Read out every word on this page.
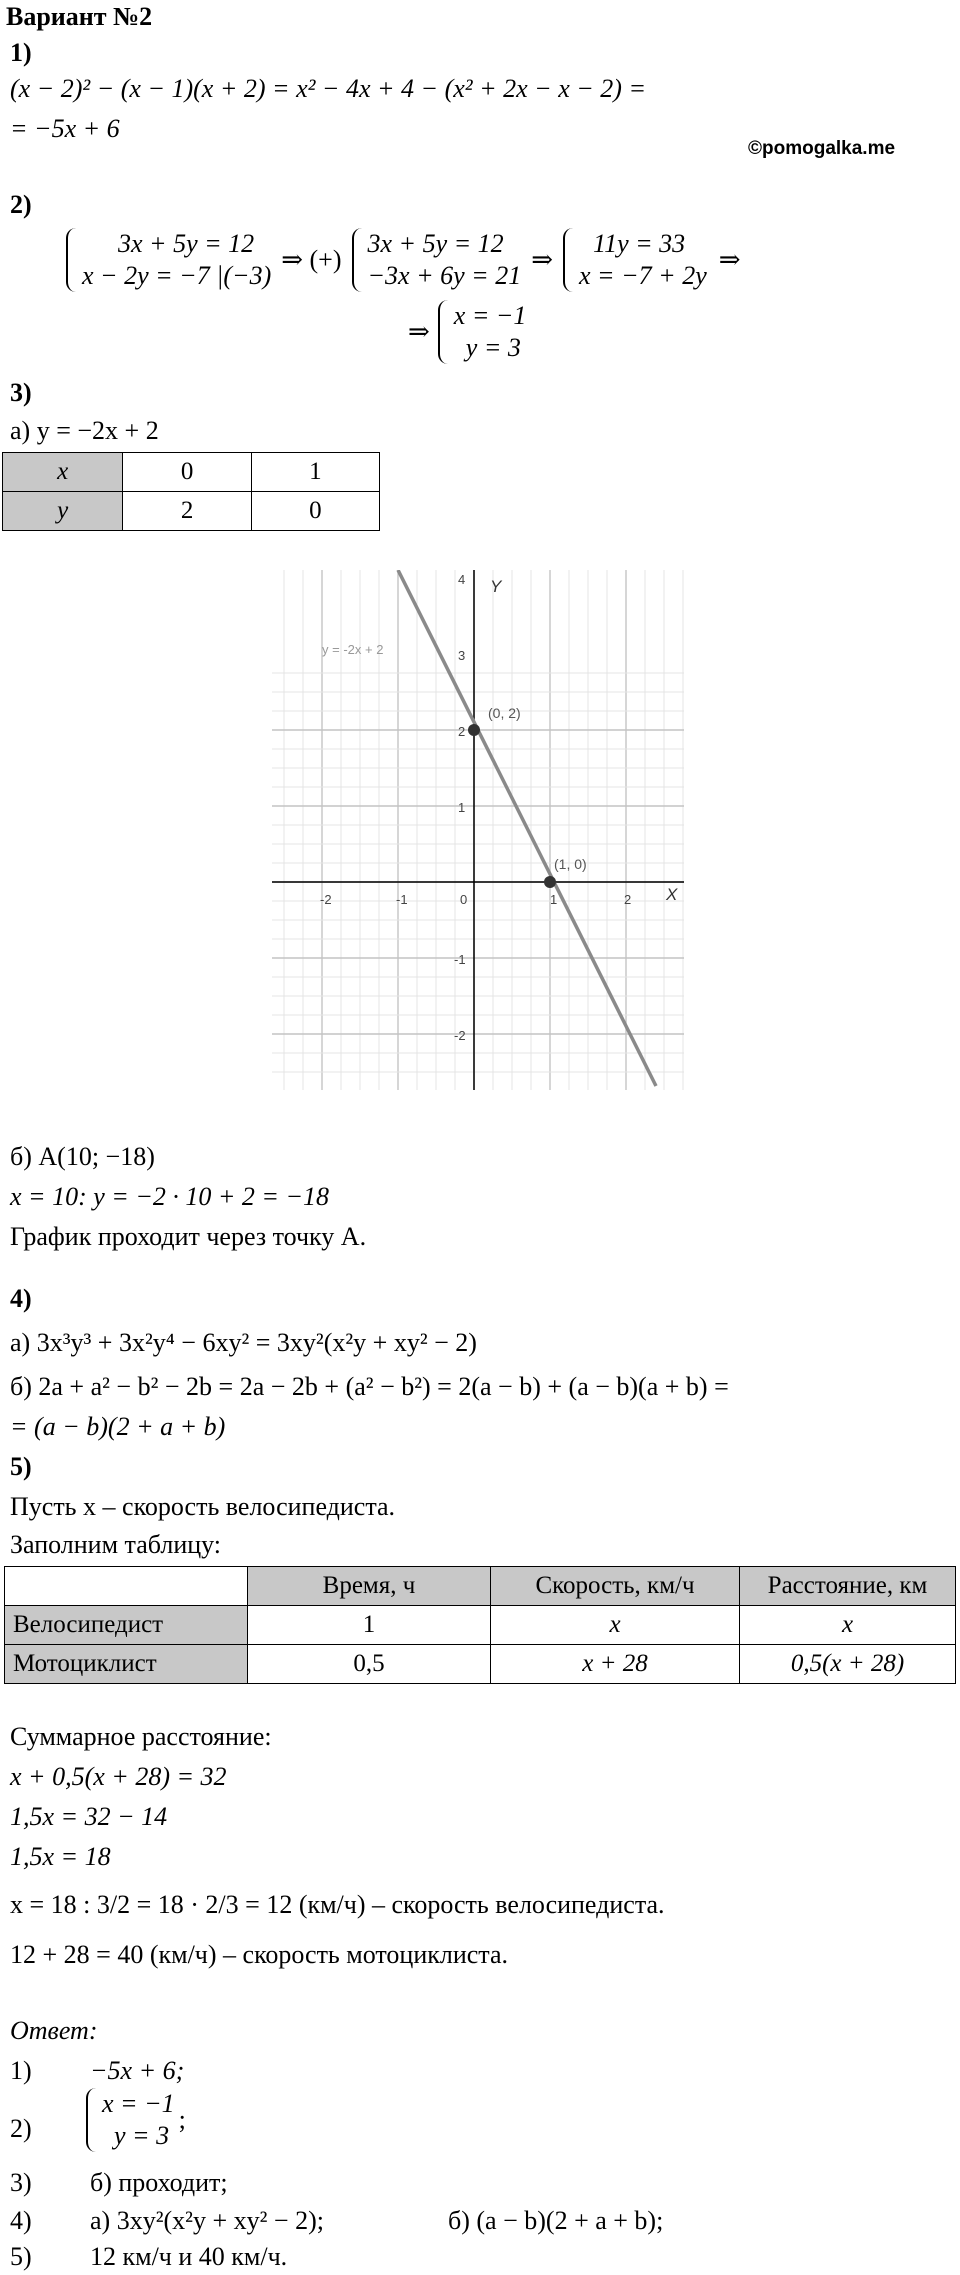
Вариант №2
©pomogalka.me
1)
(x − 2)² − (x − 1)(x + 2) = x² − 4x + 4 − (x² + 2x − x − 2) =
= −5x + 6
2)
3x + 5y = 12
x − 2y = −7 |(−3)
⇒ (+)
3x + 5y = 12
−3x + 6y = 21
⇒
11y = 33
x = −7 + 2y
⇒
⇒
x = −1
y = 3
3)
а) y = −2x + 2
x	0	1
y	2	0
y = -2x + 2
Y
X
(0, 2)
(1, 0)
-2	-1	0	1	2
4
3
2
1
-1
-2
б) A(10; −18)
x = 10: y = −2 · 10 + 2 = −18
График проходит через точку A.
4)
а) 3x³y³ + 3x²y⁴ − 6xy² = 3xy²(x²y + xy² − 2)
б) 2a + a² − b² − 2b = 2a − 2b + (a² − b²) = 2(a − b) + (a − b)(a + b) =
= (a − b)(2 + a + b)
5)
Пусть x – скорость велосипедиста.
Заполним таблицу:
	Время, ч	Скорость, км/ч	Расстояние, км
Велосипедист	1	x	x
Мотоциклист	0,5	x + 28	0,5(x + 28)
Суммарное расстояние:
x + 0,5(x + 28) = 32
1,5x = 32 − 14
1,5x = 18
x = 18 : 3/2 = 18 · 2/3 = 12 (км/ч) – скорость велосипедиста.
12 + 28 = 40 (км/ч) – скорость мотоциклиста.
Ответ:
1) −5x + 6;
2)
x = −1
y = 3
;
3) б) проходит;
4) а) 3xy²(x²y + xy² − 2);	б) (a − b)(2 + a + b);
5) 12 км/ч и 40 км/ч.
